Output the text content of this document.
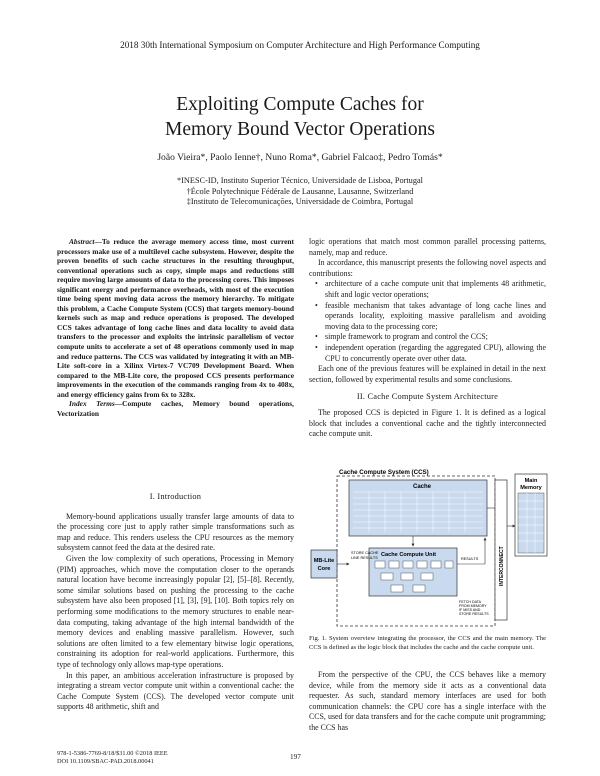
2018 30th International Symposium on Computer Architecture and High Performance Computing
Exploiting Compute Caches for
Memory Bound Vector Operations
João Vieira*, Paolo Ienne†, Nuno Roma*, Gabriel Falcao‡, Pedro Tomás*
*INESC-ID, Instituto Superior Técnico, Universidade de Lisboa, Portugal
†École Polytechnique Fédérale de Lausanne, Lausanne, Switzerland
‡Instituto de Telecomunicações, Universidade de Coimbra, Portugal

Abstract—To reduce the average memory access time, most current processors make use of a multilevel cache subsystem. However, despite the proven benefits of such cache structures in the resulting throughput, conventional operations such as copy, simple maps and reductions still require moving large amounts of data to the processing cores. This imposes significant energy and performance overheads, with most of the execution time being spent moving data across the memory hierarchy. To mitigate this problem, a Cache Compute System (CCS) that targets memory-bound kernels such as map and reduce operations is proposed. The developed CCS takes advantage of long cache lines and data locality to avoid data transfers to the processor and exploits the intrinsic parallelism of vector compute units to accelerate a set of 48 operations commonly used in map and reduce patterns. The CCS was validated by integrating it with an MB-Lite soft-core in a Xilinx Virtex-7 VC709 Development Board. When compared to the MB-Lite core, the proposed CCS presents performance improvements in the execution of the commands ranging from 4x to 408x, and energy efficiency gains from 6x to 328x.

Index Terms—Compute caches, Memory bound operations, Vectorization

I. Introduction

Memory-bound applications usually transfer large amounts of data to the processing core just to apply rather simple transformations such as map and reduce. This renders useless the CPU resources as the memory subsystem cannot feed the data at the desired rate.

Given the low complexity of such operations, Processing in Memory (PIM) approaches, which move the computation closer to the operands natural location have become increasingly popular [2], [5]–[8]. Recently, some similar solutions based on pushing the processing to the cache subsystem have also been proposed [1], [3], [9], [10]. Both topics rely on performing some modifications to the memory structures to enable near-data computing, taking advantage of the high internal bandwidth of the memory devices and enabling massive parallelism. However, such solutions are often limited to a few elementary bitwise logic operations, constraining its adoption for real-world applications. Furthermore, this type of technology only allows map-type operations.

In this paper, an ambitious acceleration infrastructure is proposed by integrating a stream vector compute unit within a conventional cache: the Cache Compute System (CCS). The developed vector compute unit supports 48 arithmetic, shift and

logic operations that match most common parallel processing patterns, namely, map and reduce.

In accordance, this manuscript presents the following novel aspects and contributions:

• architecture of a cache compute unit that implements 48 arithmetic, shift and logic vector operations;
• feasible mechanism that takes advantage of long cache lines and operands locality, exploiting massive parallelism and avoiding moving data to the processing core;
• simple framework to program and control the CCS;
• independent operation (regarding the aggregated CPU), allowing the CPU to concurrently operate over other data.

Each one of the previous features will be explained in detail in the next section, followed by experimental results and some conclusions.

II. Cache Compute System Architecture

The proposed CCS is depicted in Figure 1. It is defined as a logical block that includes a conventional cache and the tightly interconnected cache compute unit.

Cache Compute System (CCS)
Cache
Cache Compute Unit
MB-Lite
Core
STORE CACHE
LINE RESULTS	RESULTS
FETCH DATA
FROM MEMORY
IF MISS AND
STORE RESULTS
INTERCONNECT
Main
Memory
Fig. 1. System overview integrating the processor, the CCS and the main memory. The CCS is defined as the logic block that includes the cache and the cache compute unit.

From the perspective of the CPU, the CCS behaves like a memory device, while from the memory side it acts as a conventional data requester. As such, standard memory interfaces are used for both communication channels: the CPU core has a single interface with the CCS, used for data transfers and for the cache compute unit programming; the CCS has

978-1-5386-7769-8/18/$31.00 ©2018 IEEE
DOI 10.1109/SBAC-PAD.2018.00041
197
